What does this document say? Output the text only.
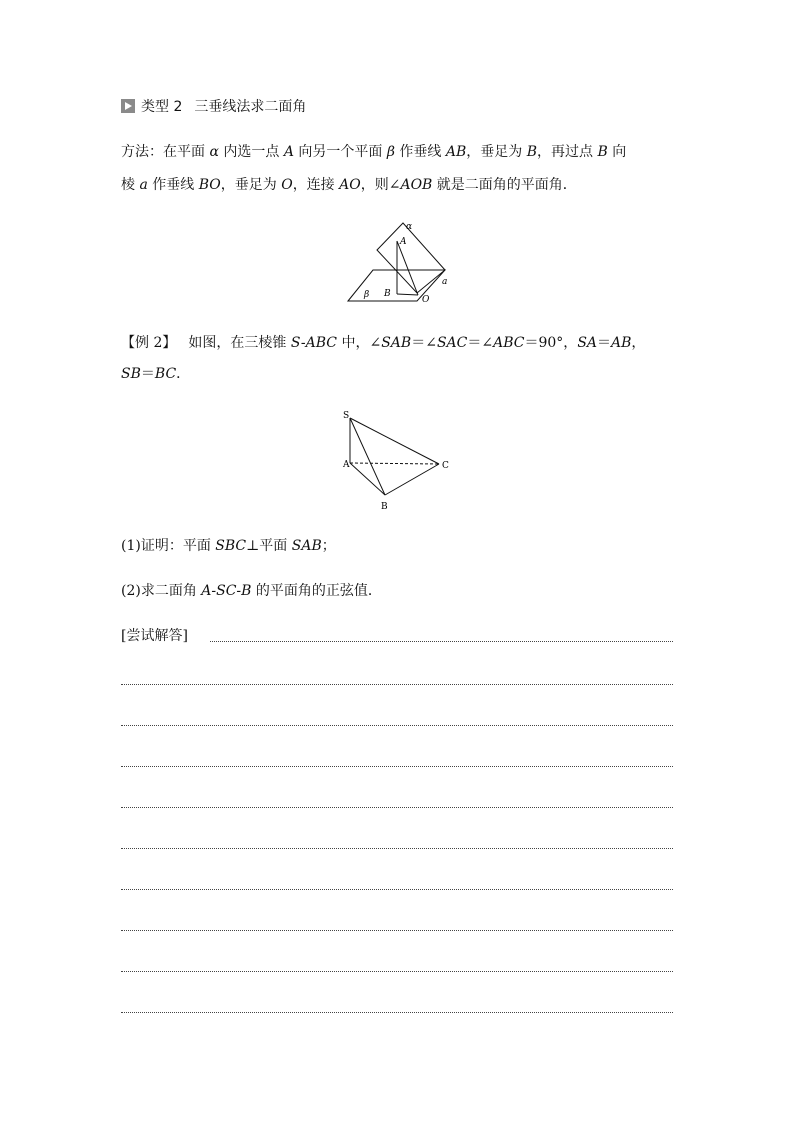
类型 2 三垂线法求二面角
方法：在平面 α 内选一点 A 向另一个平面 β 作垂线 AB，垂足为 B，再过点 B 向
棱 a 作垂线 BO，垂足为 O，连接 AO，则∠AOB 就是二面角的平面角．
α
A
a
β B
O
【例 2】 如图，在三棱锥 S-ABC 中，∠SAB＝∠SAC＝∠ABC＝90°，SA＝AB，
SB＝BC．
S
A	C
B
(1)证明：平面 SBC⊥平面 SAB；
(2)求二面角 A-SC-B 的平面角的正弦值．
[尝试解答]
